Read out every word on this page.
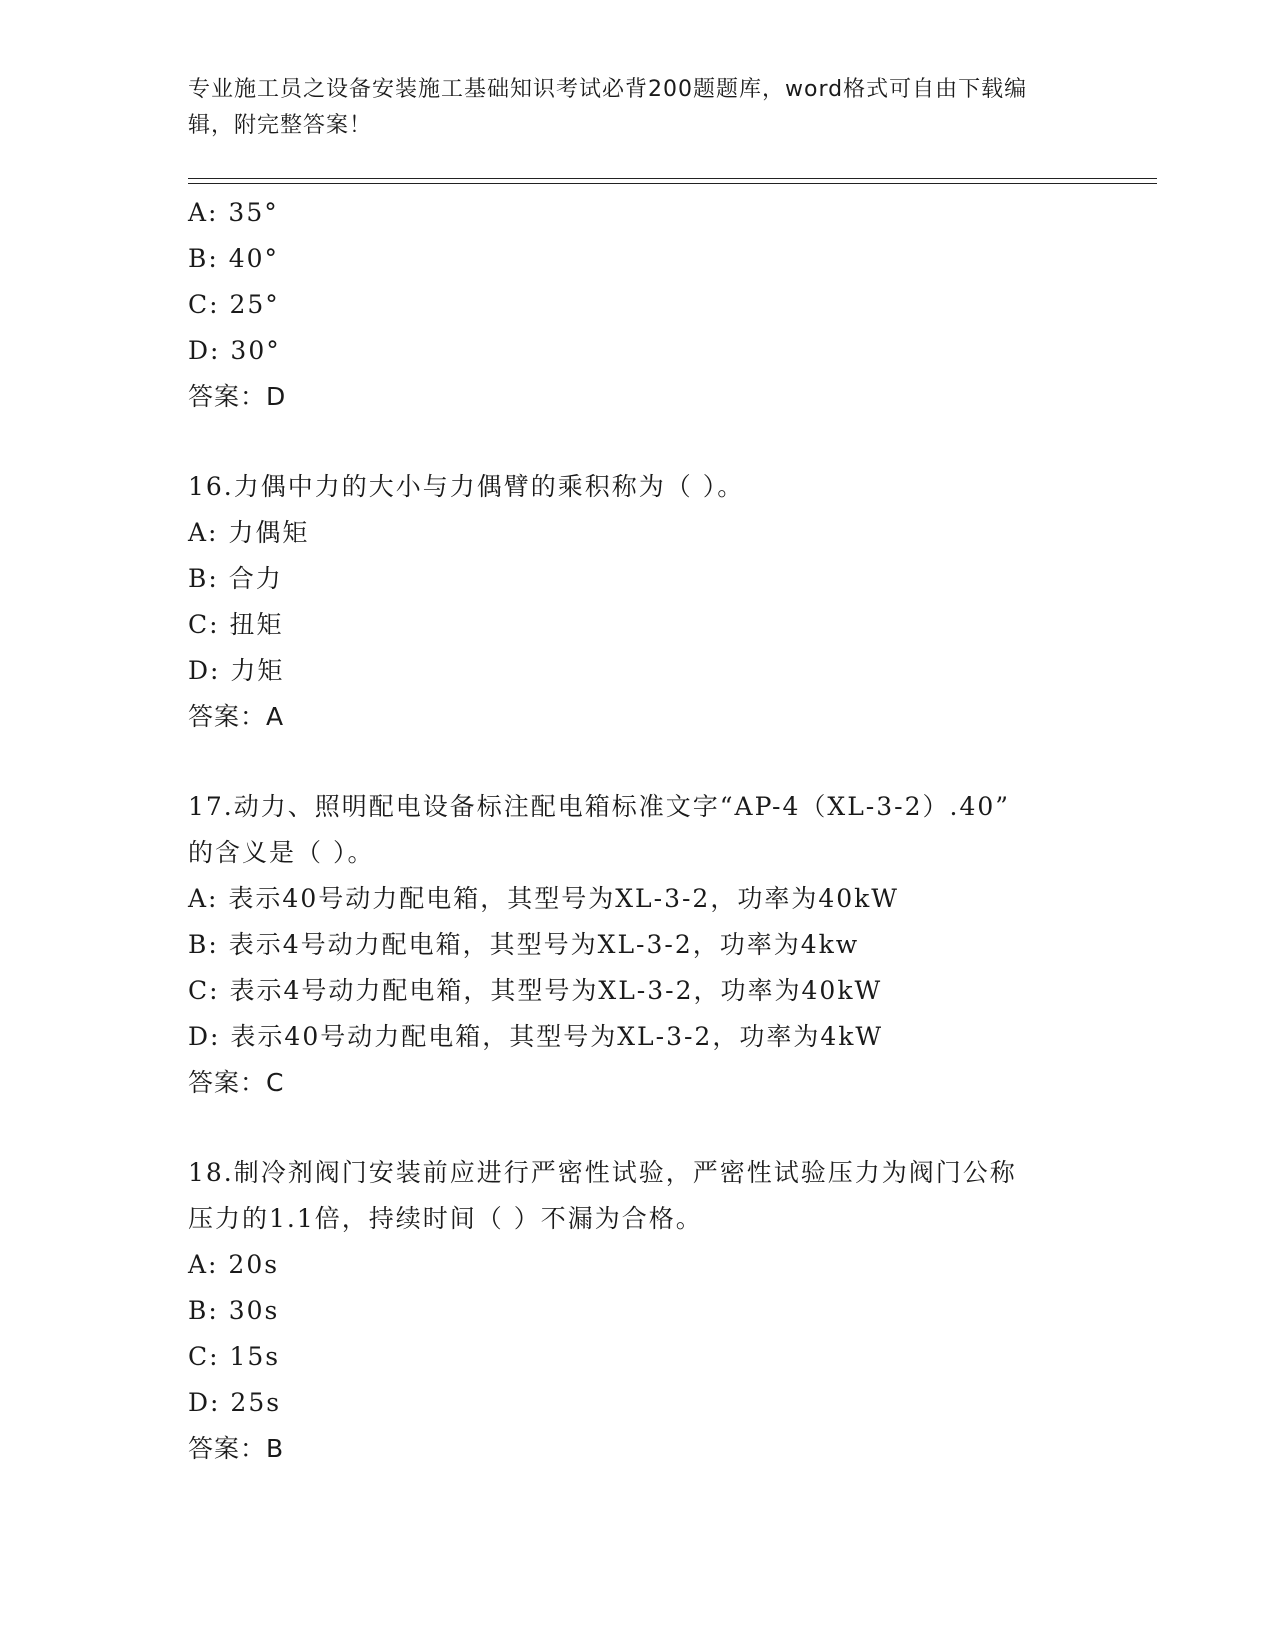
专业施工员之设备安装施工基础知识考试必背200题题库，word格式可自由下载编辑，附完整答案！
A: 35°
B: 40°
C: 25°
D: 30°
答案：D
16.力偶中力的大小与力偶臂的乘积称为（ ）。
A: 力偶矩
B: 合力
C: 扭矩
D: 力矩
答案：A
17.动力、照明配电设备标注配电箱标准文字“AP-4（XL-3-2）.40”
的含义是（ ）。
A: 表示40号动力配电箱，其型号为XL-3-2，功率为40kW
B: 表示4号动力配电箱，其型号为XL-3-2，功率为4kw
C: 表示4号动力配电箱，其型号为XL-3-2，功率为40kW
D: 表示40号动力配电箱，其型号为XL-3-2，功率为4kW
答案：C
18.制冷剂阀门安装前应进行严密性试验，严密性试验压力为阀门公称
压力的1.1倍，持续时间（ ）不漏为合格。
A: 20s
B: 30s
C: 15s
D: 25s
答案：B
